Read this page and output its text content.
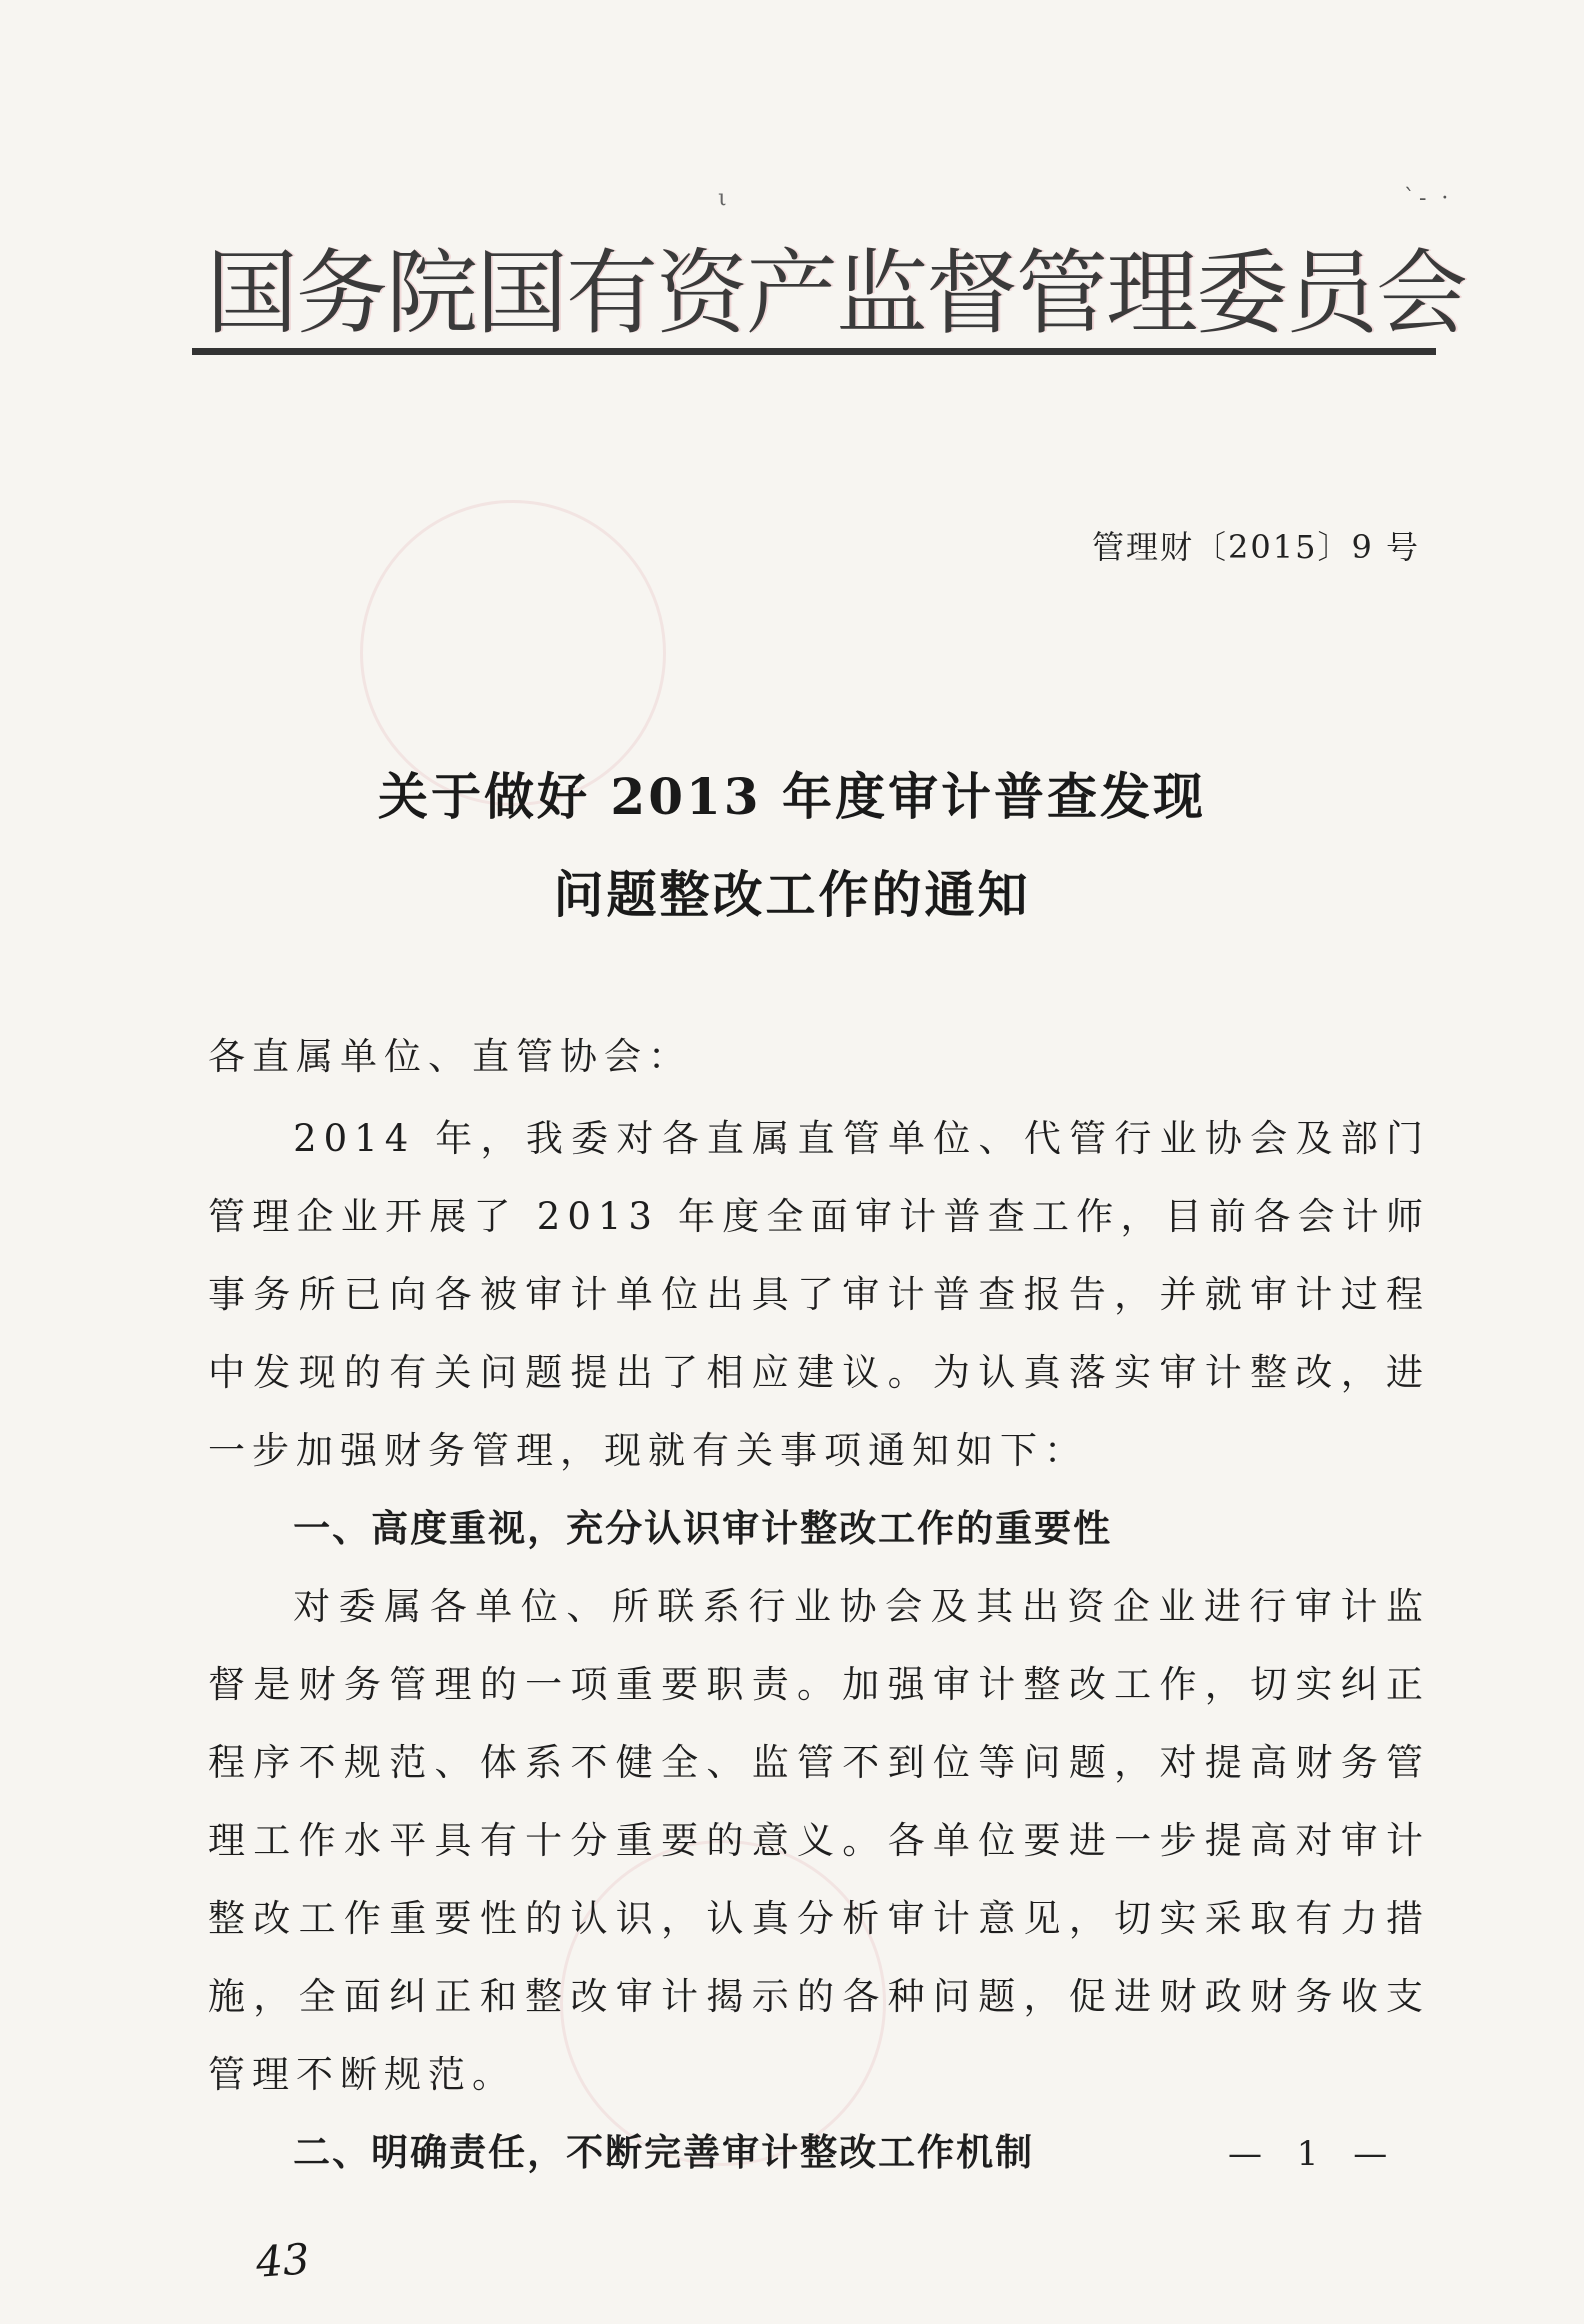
ι	`- ·
国务院国有资产监督管理委员会
管理财〔2015〕9 号
关于做好 2013 年度审计普查发现
问题整改工作的通知

各直属单位、直管协会：

2014 年，我委对各直属直管单位、代管行业协会及部门管理企业开展了 2013 年度全面审计普查工作，目前各会计师事务所已向各被审计单位出具了审计普查报告，并就审计过程中发现的有关问题提出了相应建议。为认真落实审计整改，进一步加强财务管理，现就有关事项通知如下：

一、高度重视，充分认识审计整改工作的重要性

对委属各单位、所联系行业协会及其出资企业进行审计监督是财务管理的一项重要职责。加强审计整改工作，切实纠正程序不规范、体系不健全、监管不到位等问题，对提高财务管理工作水平具有十分重要的意义。各单位要进一步提高对审计整改工作重要性的认识，认真分析审计意见，切实采取有力措施，全面纠正和整改审计揭示的各种问题，促进财政财务收支管理不断规范。

二、明确责任，不断完善审计整改工作机制	— 1 —
43
